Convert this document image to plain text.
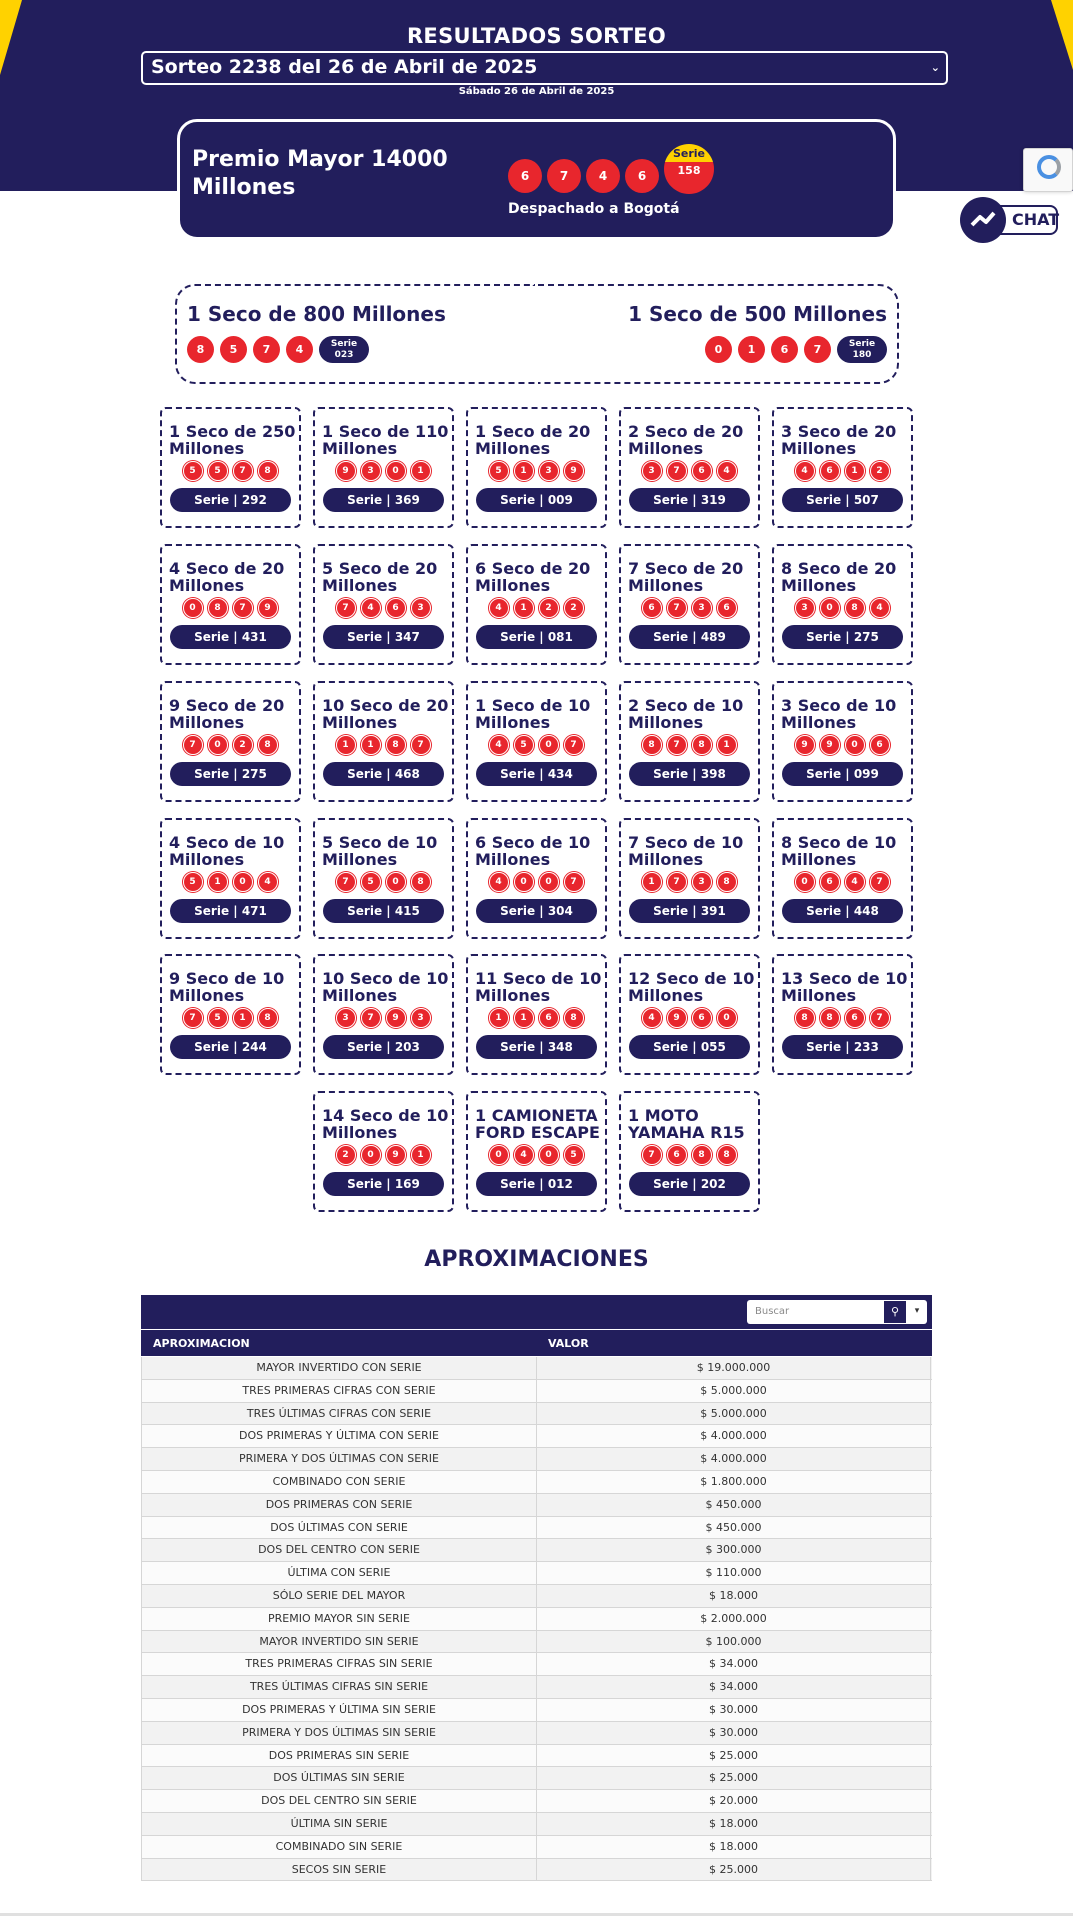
RESULTADOS SORTEO
Sorteo 2238 del 26 de Abril de 2025	⌄
Sábado 26 de Abril de 2025
Premio Mayor 14000 Millones	6	7	4	6
Serie
158
Despachado a Bogotá
CHAT
1 Seco de 800 Millones
8	5	7	4	Serie
023
1 Seco de 500 Millones
0	1	6	7	Serie
180
1 Seco de 250 Millones
5	5	7	8
Serie | 292
1 Seco de 110 Millones
9	3	0	1
Serie | 369
1 Seco de 20 Millones
5	1	3	9
Serie | 009
2 Seco de 20 Millones
3	7	6	4
Serie | 319
3 Seco de 20 Millones
4	6	1	2
Serie | 507
4 Seco de 20 Millones
0	8	7	9
Serie | 431
5 Seco de 20 Millones
7	4	6	3
Serie | 347
6 Seco de 20 Millones
4	1	2	2
Serie | 081
7 Seco de 20 Millones
6	7	3	6
Serie | 489
8 Seco de 20 Millones
3	0	8	4
Serie | 275
9 Seco de 20 Millones
7	0	2	8
Serie | 275
10 Seco de 20 Millones
1	1	8	7
Serie | 468
1 Seco de 10 Millones
4	5	0	7
Serie | 434
2 Seco de 10 Millones
8	7	8	1
Serie | 398
3 Seco de 10 Millones
9	9	0	6
Serie | 099
4 Seco de 10 Millones
5	1	0	4
Serie | 471
5 Seco de 10 Millones
7	5	0	8
Serie | 415
6 Seco de 10 Millones
4	0	0	7
Serie | 304
7 Seco de 10 Millones
1	7	3	8
Serie | 391
8 Seco de 10 Millones
0	6	4	7
Serie | 448
9 Seco de 10 Millones
7	5	1	8
Serie | 244
10 Seco de 10 Millones
3	7	9	3
Serie | 203
11 Seco de 10 Millones
1	1	6	8
Serie | 348
12 Seco de 10 Millones
4	9	6	0
Serie | 055
13 Seco de 10 Millones
8	8	6	7
Serie | 233
14 Seco de 10 Millones
2	0	9	1
Serie | 169
1 CAMIONETA FORD ESCAPE
0	4	0	5
Serie | 012
1 MOTO YAMAHA R15
7	6	8	8
Serie | 202
APROXIMACIONES
Buscar	⚲	▾
APROXIMACION	VALOR
MAYOR INVERTIDO CON SERIE	$ 19.000.000
TRES PRIMERAS CIFRAS CON SERIE	$ 5.000.000
TRES ÚLTIMAS CIFRAS CON SERIE	$ 5.000.000
DOS PRIMERAS Y ÚLTIMA CON SERIE	$ 4.000.000
PRIMERA Y DOS ÚLTIMAS CON SERIE	$ 4.000.000
COMBINADO CON SERIE	$ 1.800.000
DOS PRIMERAS CON SERIE	$ 450.000
DOS ÚLTIMAS CON SERIE	$ 450.000
DOS DEL CENTRO CON SERIE	$ 300.000
ÚLTIMA CON SERIE	$ 110.000
SÓLO SERIE DEL MAYOR	$ 18.000
PREMIO MAYOR SIN SERIE	$ 2.000.000
MAYOR INVERTIDO SIN SERIE	$ 100.000
TRES PRIMERAS CIFRAS SIN SERIE	$ 34.000
TRES ÚLTIMAS CIFRAS SIN SERIE	$ 34.000
DOS PRIMERAS Y ÚLTIMA SIN SERIE	$ 30.000
PRIMERA Y DOS ÚLTIMAS SIN SERIE	$ 30.000
DOS PRIMERAS SIN SERIE	$ 25.000
DOS ÚLTIMAS SIN SERIE	$ 25.000
DOS DEL CENTRO SIN SERIE	$ 20.000
ÚLTIMA SIN SERIE	$ 18.000
COMBINADO SIN SERIE	$ 18.000
SECOS SIN SERIE	$ 25.000
